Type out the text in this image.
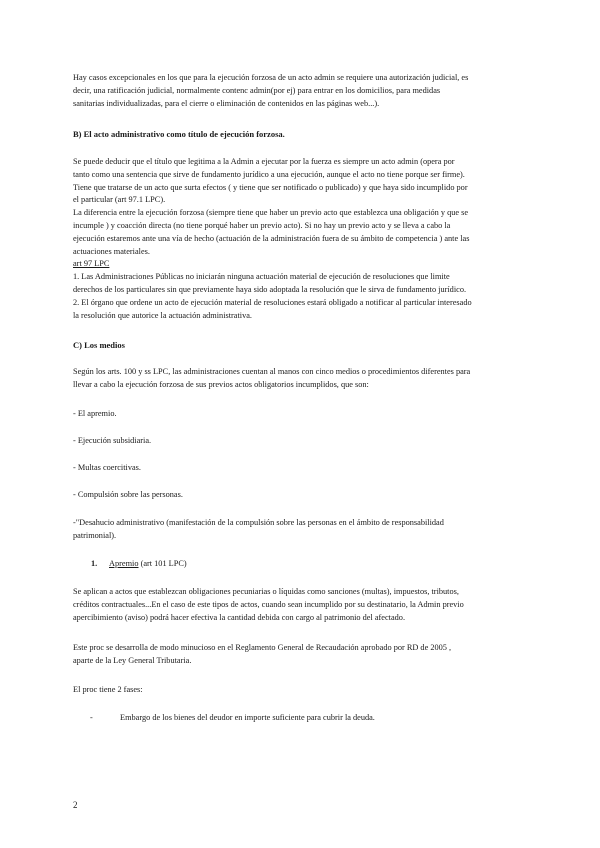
Hay casos excepcionales en los que para la ejecución forzosa de un acto admin se requiere una autorización judicial, es

decir, una ratificación judicial, normalmente contenc admin(por ej) para entrar en los domicilios, para medidas

sanitarias individualizadas, para el cierre o eliminación de contenidos en las páginas web...).

B) El acto administrativo como título de ejecución forzosa.

Se puede deducir que el título que legitima a la Admin a ejecutar por la fuerza es siempre un acto admin (opera por

tanto como una sentencia que sirve de fundamento jurídico a una ejecución, aunque el acto no tiene porque ser firme).

Tiene que tratarse de un acto que surta efectos ( y tiene que ser notificado o publicado) y que haya sido incumplido por

el particular (art 97.1 LPC).

La diferencia entre la ejecución forzosa (siempre tiene que haber un previo acto que establezca una obligación y que se

incumple ) y coacción directa (no tiene porqué haber un previo acto). Si no hay un previo acto y se lleva a cabo la

ejecución estaremos ante una vía de hecho (actuación de la administración fuera de su ámbito de competencia ) ante las

actuaciones materiales.

art 97 LPC

1. Las Administraciones Públicas no iniciarán ninguna actuación material de ejecución de resoluciones que limite

derechos de los particulares sin que previamente haya sido adoptada la resolución que le sirva de fundamento jurídico.

2. El órgano que ordene un acto de ejecución material de resoluciones estará obligado a notificar al particular interesado

la resolución que autorice la actuación administrativa.

C) Los medios

Según los arts. 100 y ss LPC, las administraciones cuentan al manos con cinco medios o procedimientos diferentes para

llevar a cabo la ejecución forzosa de sus previos actos obligatorios incumplidos, que son:

- El apremio.

- Ejecución subsidiaria.

- Multas coercitivas.

- Compulsión sobre las personas.

-"Desahucio administrativo (manifestación de la compulsión sobre las personas en el ámbito de responsabilidad

patrimonial).

1. Apremio (art 101 LPC)

Se aplican a actos que establezcan obligaciones pecuniarias o líquidas como sanciones (multas), impuestos, tributos,

créditos contractuales...En el caso de este tipos de actos, cuando sean incumplido por su destinatario, la Admin previo

apercibimiento (aviso) podrá hacer efectiva la cantidad debida con cargo al patrimonio del afectado.

Este proc se desarrolla de modo minucioso en el Reglamento General de Recaudación aprobado por RD de 2005 ,

aparte de la Ley General Tributaria.

El proc tiene 2 fases:

-	Embargo de los bienes del deudor en importe suficiente para cubrir la deuda.

2
